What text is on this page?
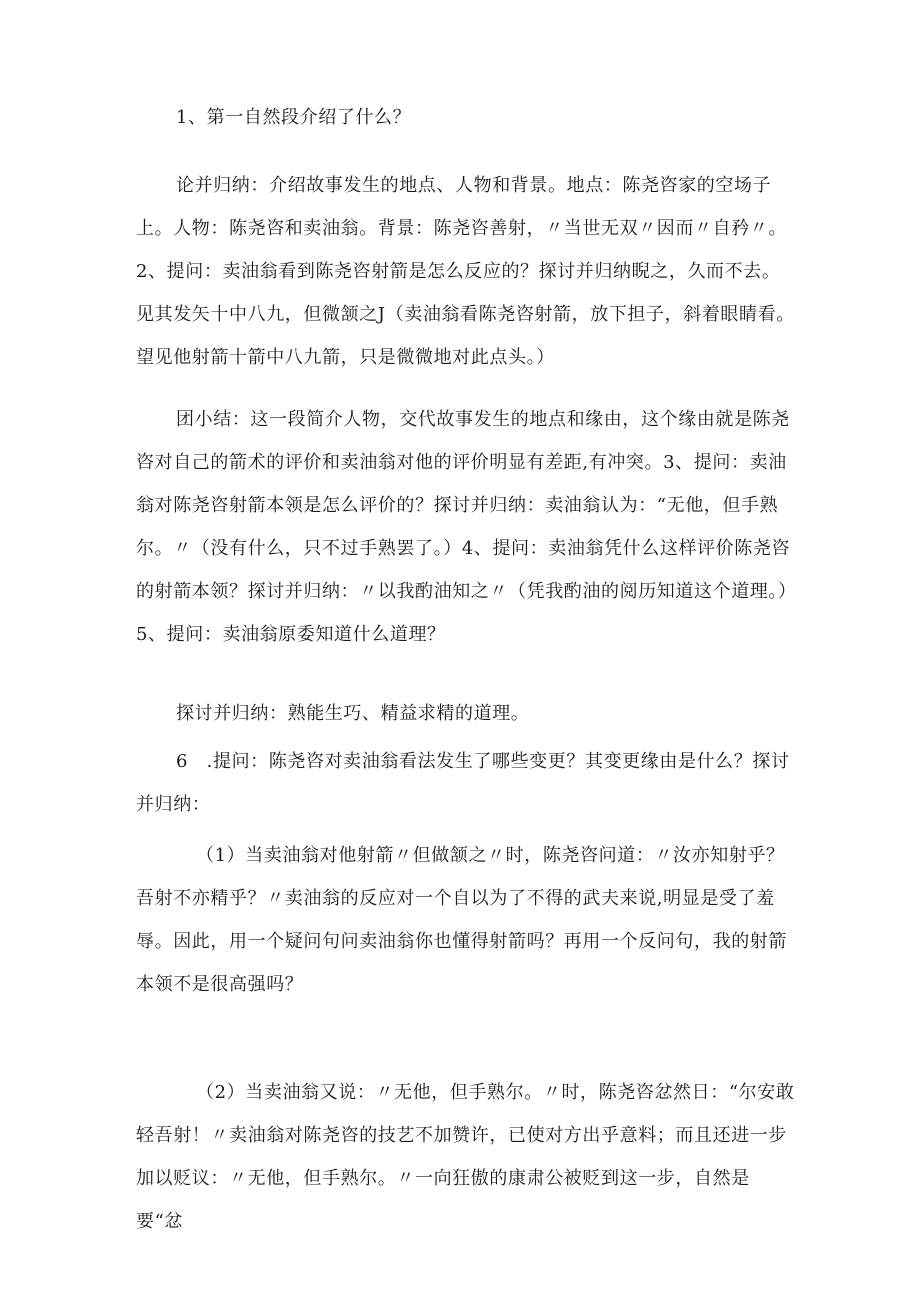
1、第一自然段介绍了什么？

论并归纳：介绍故事发生的地点、人物和背景。地点：陈尧咨家的空场子上。人物：陈尧咨和卖油翁。背景：陈尧咨善射，〃当世无双〃因而〃自矜〃。2、提问：卖油翁看到陈尧咨射箭是怎么反应的？探讨并归纳睨之，久而不去。见其发矢十中八九，但微颔之J（卖油翁看陈尧咨射箭，放下担子，斜着眼睛看。望见他射箭十箭中八九箭，只是微微地对此点头。）

团小结：这一段简介人物，交代故事发生的地点和缘由，这个缘由就是陈尧咨对自己的箭术的评价和卖油翁对他的评价明显有差距,有冲突。3、提问：卖油翁对陈尧咨射箭本领是怎么评价的？探讨并归纳：卖油翁认为：“无他，但手熟尔。〃（没有什么，只不过手熟罢了。）4、提问：卖油翁凭什么这样评价陈尧咨的射箭本领？探讨并归纳：〃以我酌油知之〃（凭我酌油的阅历知道这个道理。）5、提问：卖油翁原委知道什么道理？

探讨并归纳：熟能生巧、精益求精的道理。

6　.提问：陈尧咨对卖油翁看法发生了哪些变更？其变更缘由是什么？探讨并归纳：

（1）当卖油翁对他射箭〃但做颔之〃时，陈尧咨问道：〃汝亦知射乎？吾射不亦精乎？〃卖油翁的反应对一个自以为了不得的武夫来说,明显是受了羞辱。因此，用一个疑问句问卖油翁你也懂得射箭吗？再用一个反问句，我的射箭本领不是很高强吗？

（2）当卖油翁又说：〃无他，但手熟尔。〃时，陈尧咨忿然日：“尔安敢轻吾射！〃卖油翁对陈尧咨的技艺不加赞许，已使对方出乎意料；而且还进一步加以贬议：〃无他，但手熟尔。〃一向狂傲的康肃公被贬到这一步，自然是要“忿
